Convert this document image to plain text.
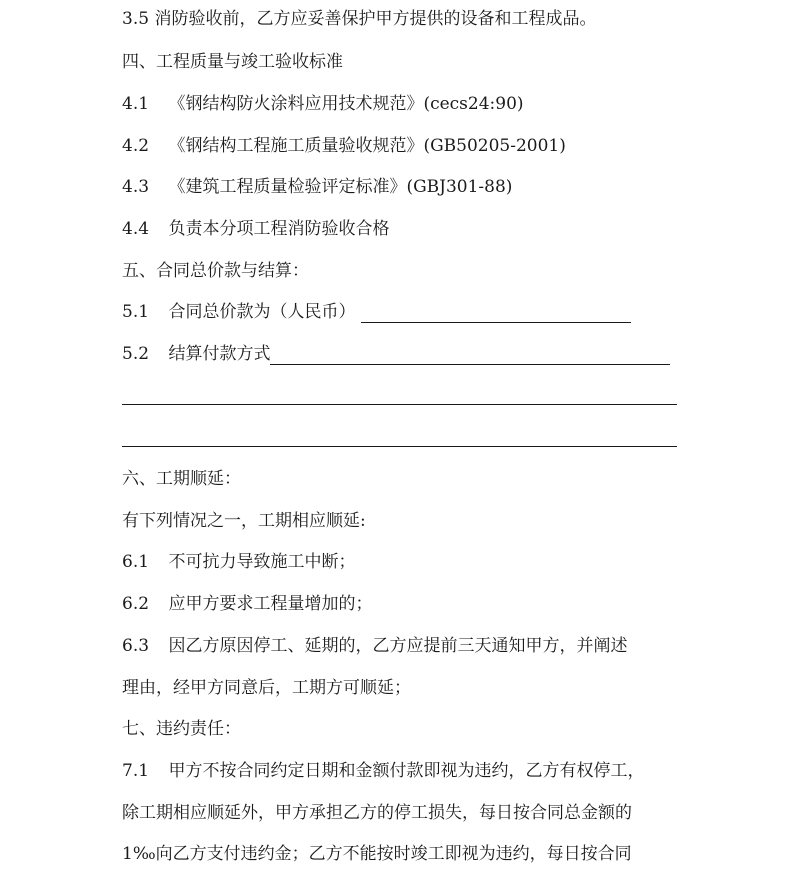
3.5 消防验收前，乙方应妥善保护甲方提供的设备和工程成品。
四、工程质量与竣工验收标准
4.1 《钢结构防火涂料应用技术规范》(cecs24:90)
4.2 《钢结构工程施工质量验收规范》(GB50205-2001)
4.3 《建筑工程质量检验评定标准》(GBJ301-88)
4.4 负责本分项工程消防验收合格
五、合同总价款与结算：
5.1 合同总价款为（人民币）
5.2 结算付款方式
六、工期顺延：
有下列情况之一，工期相应顺延:
6.1 不可抗力导致施工中断；
6.2 应甲方要求工程量增加的；
6.3 因乙方原因停工、延期的，乙方应提前三天通知甲方，并阐述
理由，经甲方同意后，工期方可顺延；
七、违约责任：
7.1 甲方不按合同约定日期和金额付款即视为违约，乙方有权停工，
除工期相应顺延外，甲方承担乙方的停工损失，每日按合同总金额的
1‰向乙方支付违约金；乙方不能按时竣工即视为违约，每日按合同
